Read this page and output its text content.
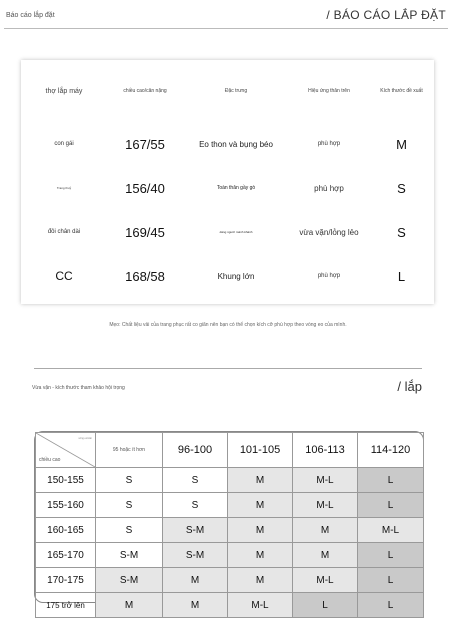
Báo cáo lắp đặt	/ BÁO CÁO LẮP ĐẶT
thợ lắp máy	chiều cao/cân nặng	Đặc trưng	Hiệu ứng thân trên	Kích thước đề xuất
con gái	167/55	Eo thon và bụng béo	phù hợp	M
Trang thuỷ	156/40	Toàn thân gầy gò	phù hợp	S
đôi chân dài	169/45	dáng người mảnh khảnh	vừa vặn/lỏng lẻo	S
CC	168/58	Khung lớn	phù hợp	L
Mẹo: Chất liệu vải của trang phục rất co giãn nên bạn có thể chọn kích cỡ phù hợp theo vòng eo của mình.
Vừa vặn - kích thước tham khảo hội trọng	/ lắp
vòng eo/cân
chiều cao	95 hoặc ít hơn	96-100	101-105	106-113	114-120
150-155	S	S	M	M-L	L
155-160	S	S	M	M-L	L
160-165	S	S-M	M	M	M-L
165-170	S-M	S-M	M	M	L
170-175	S-M	M	M	M-L	L
175 trở lên	M	M	M-L	L	L
